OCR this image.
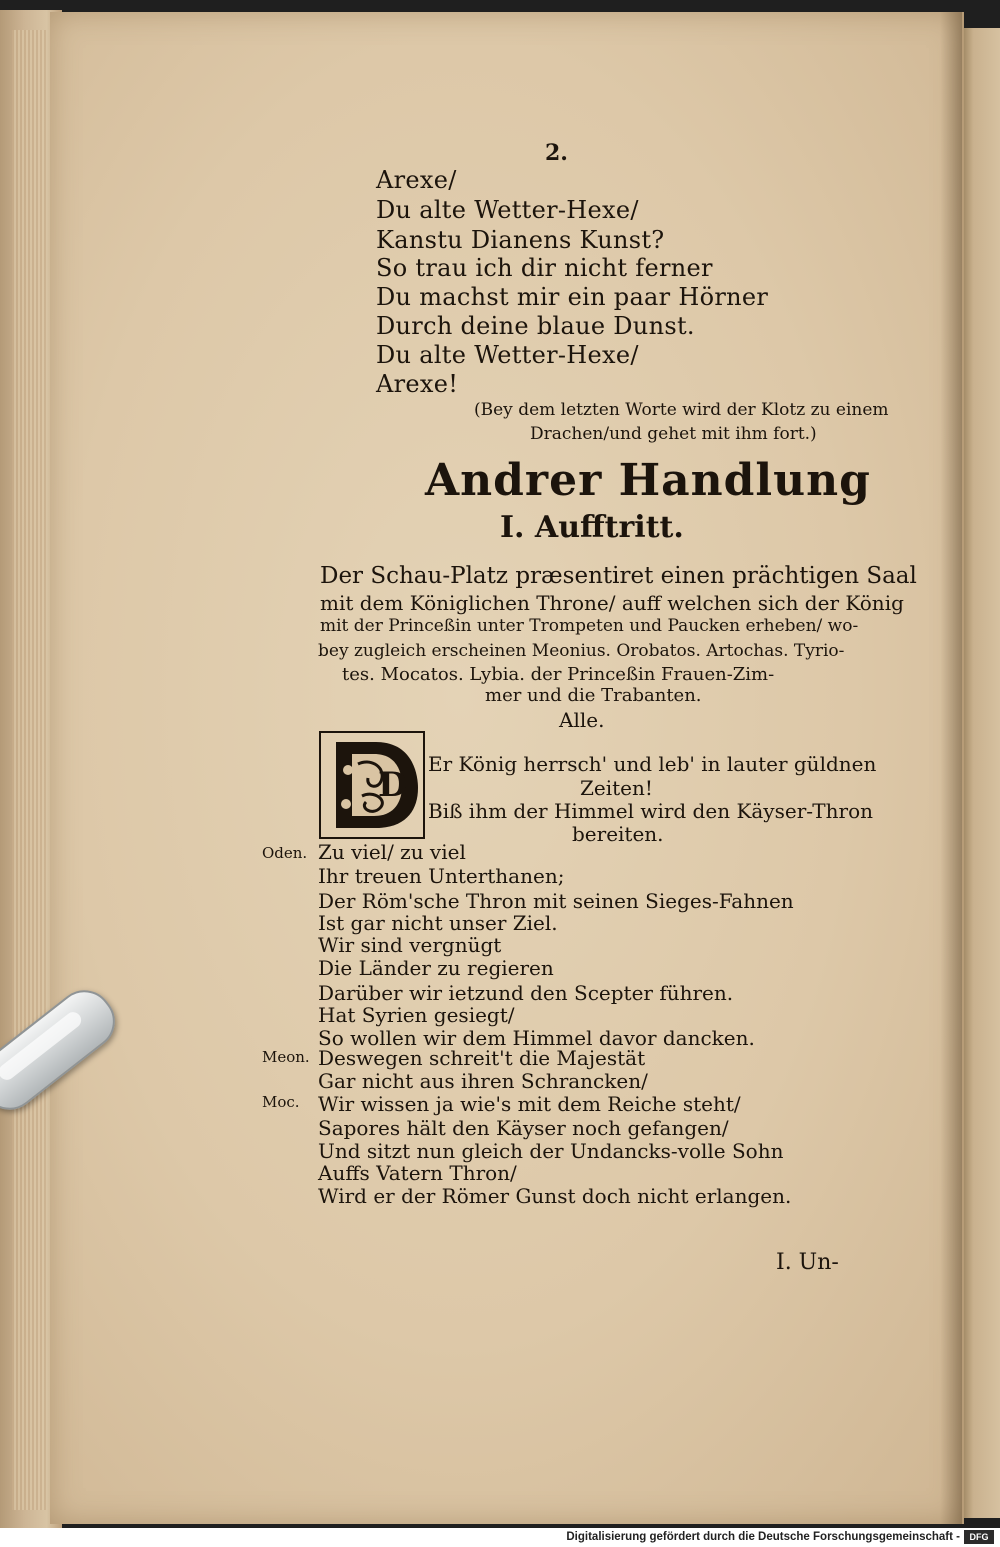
2.
Arexe/
Du alte Wetter-Hexe/
Kanstu Dianens Kunst?
So trau ich dir nicht ferner
Du machst mir ein paar Hörner
Durch deine blaue Dunst.
Du alte Wetter-Hexe/
Arexe!
(Bey dem letzten Worte wird der Klotz zu einem
Drachen/und gehet mit ihm fort.)
Andrer Handlung
I. Aufftritt.
Der Schau-Platz præsentiret einen prächtigen Saal
mit dem Königlichen Throne/ auff welchen sich der König
mit der Princeßin unter Trompeten und Paucken erheben/ wo-
bey zugleich erscheinen Meonius. Orobatos. Artochas. Tyrio-
tes. Mocatos. Lybia. der Princeßin Frauen-Zim-
mer und die Trabanten.
Alle.
D
Er König herrsch' und leb' in lauter güldnen
Zeiten!
Biß ihm der Himmel wird den Käyser-Thron
bereiten.
Oden. Zu viel/ zu viel
Ihr treuen Unterthanen;
Der Röm'sche Thron mit seinen Sieges-Fahnen
Ist gar nicht unser Ziel.
Wir sind vergnügt
Die Länder zu regieren
Darüber wir ietzund den Scepter führen.
Hat Syrien gesiegt/
So wollen wir dem Himmel davor dancken.
Meon. Deswegen schreit't die Majestät
Gar nicht aus ihren Schrancken/
Moc. Wir wissen ja wie's mit dem Reiche steht/
Sapores hält den Käyser noch gefangen/
Und sitzt nun gleich der Undancks-volle Sohn
Auffs Vatern Thron/
Wird er der Römer Gunst doch nicht erlangen.
I. Un-
Digitalisierung gefördert durch die Deutsche Forschungsgemeinschaft -	DFG
